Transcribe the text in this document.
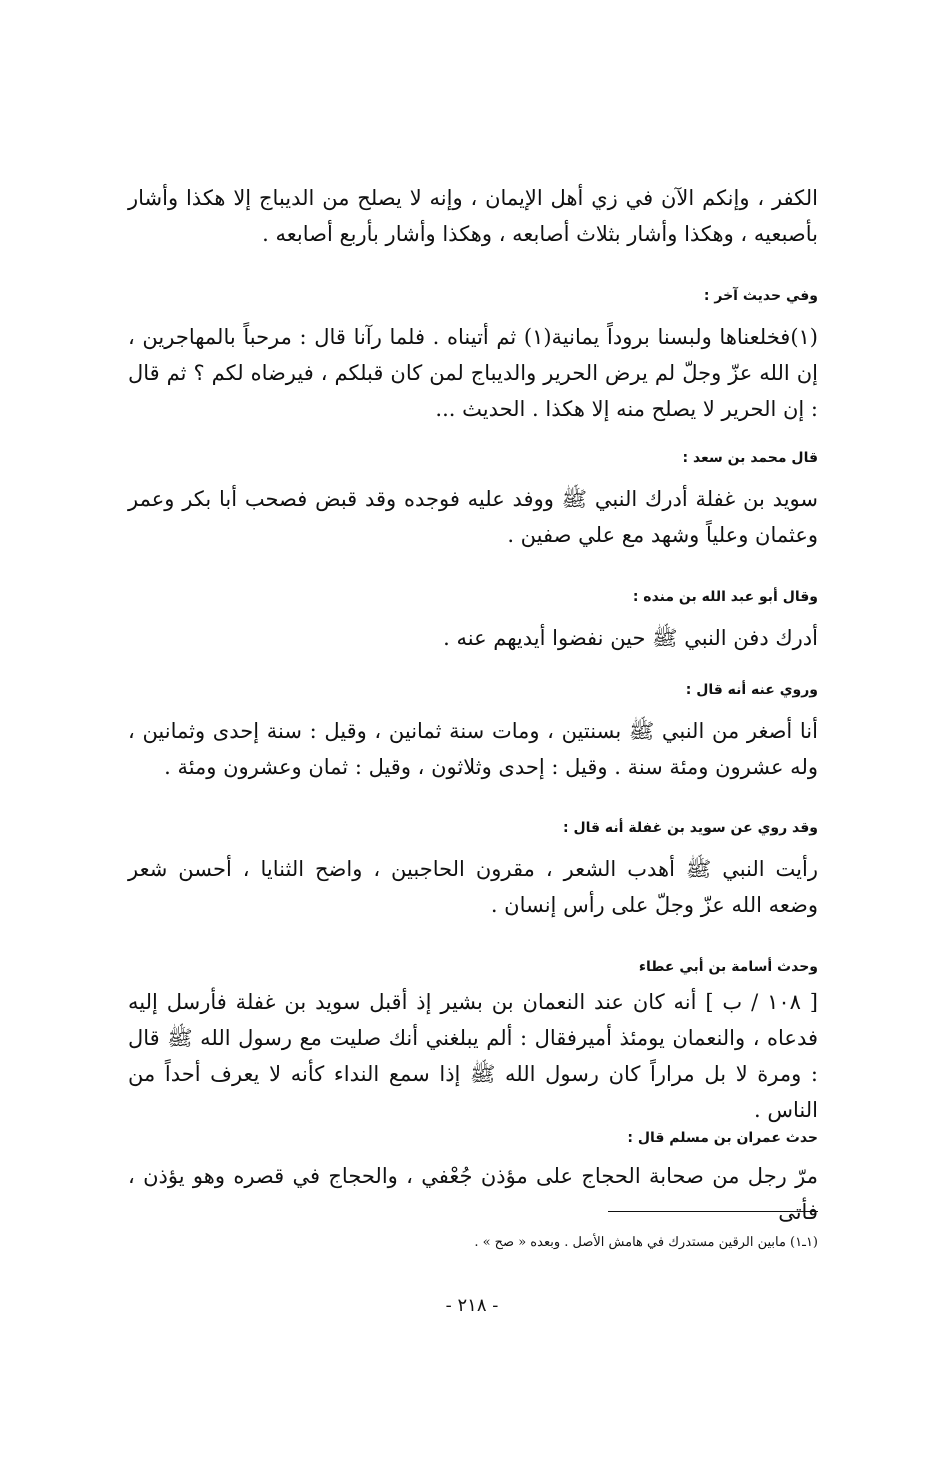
الكفر ، وإنكم الآن في زي أهل الإيمان ، وإنه لا يصلح من الديباج إلا هكذا وأشار بأصبعيه ، وهكذا وأشار بثلاث أصابعه ، وهكذا وأشار بأربع أصابعه .

وفي حديث آخر :

(١)فخلعناها ولبسنا بروداً يمانية(١) ثم أتيناه . فلما رآنا قال : مرحباً بالمهاجرين ، إن الله عزّ وجلّ لم يرض الحرير والديباج لمن كان قبلكم ، فيرضاه لكم ؟ ثم قال : إن الحرير لا يصلح منه إلا هكذا . الحديث ...

قال محمد بن سعد :

سويد بن غفلة أدرك النبي ﷺ ووفد عليه فوجده وقد قبض فصحب أبا بكر وعمر وعثمان وعلياً وشهد مع علي صفين .

وقال أبو عبد الله بن منده :

أدرك دفن النبي ﷺ حين نفضوا أيديهم عنه .

وروي عنه أنه قال :

أنا أصغر من النبي ﷺ بسنتين ، ومات سنة ثمانين ، وقيل : سنة إحدى وثمانين ، وله عشرون ومئة سنة . وقيل : إحدى وثلاثون ، وقيل : ثمان وعشرون ومئة .

وقد روي عن سويد بن غفلة أنه قال :

رأيت النبي ﷺ أهدب الشعر ، مقرون الحاجبين ، واضح الثنايا ، أحسن شعر وضعه الله عزّ وجلّ على رأس إنسان .

وحدث أسامة بن أبي عطاء

[ ١٠٨ / ب ] أنه كان عند النعمان بن بشير إذ أقبل سويد بن غفلة فأرسل إليه فدعاه ، والنعمان يومئذ أميرفقال : ألم يبلغني أنك صليت مع رسول الله ﷺ قال : ومرة لا بل مراراً كان رسول الله ﷺ إذا سمع النداء كأنه لا يعرف أحداً من الناس .

حدث عمران بن مسلم قال :

مرّ رجل من صحابة الحجاج على مؤذن جُعْفي ، والحجاج في قصره وهو يؤذن ، فأتى

(١ـ١) مابين الرقين مستدرك في هامش الأصل . وبعده « صح » .

- ٢١٨ -
